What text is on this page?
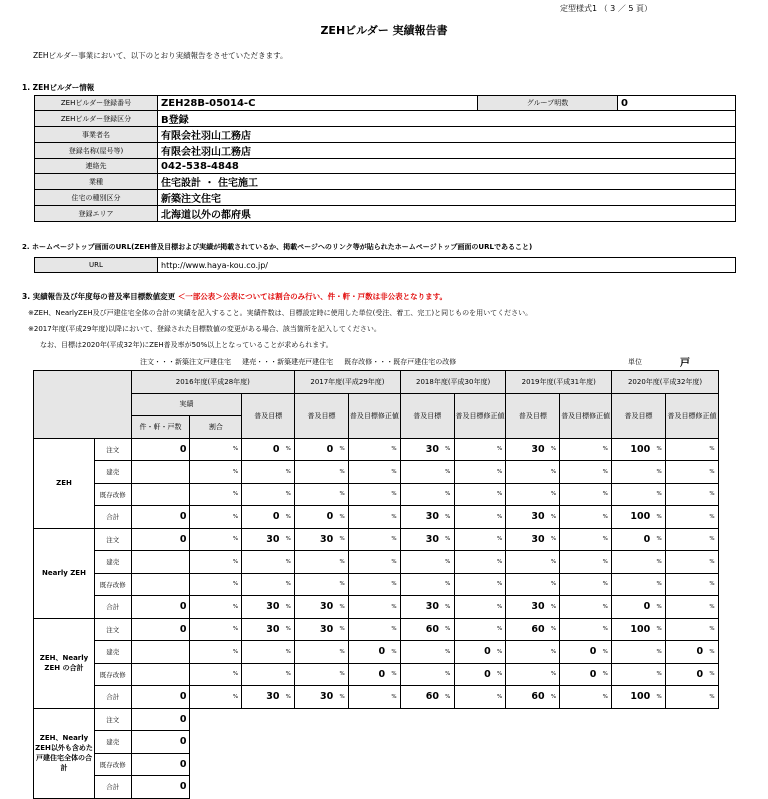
定型様式1 （ 3 ／ 5 頁）
ZEHビルダー 実績報告書
ZEHビルダー事業において、以下のとおり実績報告をさせていただきます。
1. ZEHビルダー情報
ZEHビルダー登録番号	ZEH28B-05014-C	グループ明数	0
ZEHビルダー登録区分	B登録		
事業者名	有限会社羽山工務店		
登録名称(屋号等)	有限会社羽山工務店		
連絡先	042-538-4848		
業種	住宅設計 ・ 住宅施工		
住宅の種別区分	新築注文住宅		
登録エリア	北海道以外の都府県		
2. ホームページトップ画面のURL(ZEH普及目標および実績が掲載されているか、掲載ページへのリンク等が貼られたホームページトップ画面のURLであること)
URL	http://www.haya-kou.co.jp/
3. 実績報告及び年度毎の普及率目標数値変更 ＜一部公表＞公表については割合のみ行い、件・軒・戸数は非公表となります。
※ZEH、NearlyZEH及び戸建住宅全体の合計の実績を記入すること。実績件数は、目標設定時に使用した単位(受注、着工、完工)と同じものを用いてください。
※2017年度(平成29年度)以降において、登録された目標数値の変更がある場合、該当箇所を記入してください。
なお、目標は2020年(平成32年)にZEH普及率が50%以上となっていることが求められます。
注文・・・新築注文戸建住宅     建売・・・新築建売戸建住宅     既存改修・・・既存戸建住宅の改修	単位	戸
		2016年度(平成28年度)					2017年度(平成29年度)				2018年度(平成30年度)				2019年度(平成31年度)				2020年度(平成32年度)			
		実績			普及目標		普及目標		普及目標修正値		普及目標		普及目標修正値		普及目標		普及目標修正値		普及目標		普及目標修正値	
		件・軒・戸数	割合																			
ZEH	注文	0		%	0	%	0	%		%	30	%		%	30	%		%	100	%		%
	建売			%		%		%		%		%		%		%		%		%		%
	既存改修			%		%		%		%		%		%		%		%		%		%
	合計	0		%	0	%	0	%		%	30	%		%	30	%		%	100	%		%
Nearly ZEH	注文	0		%	30	%	30	%		%	30	%		%	30	%		%	0	%		%
	建売			%		%		%		%		%		%		%		%		%		%
	既存改修			%		%		%		%		%		%		%		%		%		%
	合計	0		%	30	%	30	%		%	30	%		%	30	%		%	0	%		%
ZEH、Nearly ZEH の合計	注文	0		%	30	%	30	%		%	60	%		%	60	%		%	100	%		%
	建売			%		%		%	0	%		%	0	%		%	0	%		%	0	%
	既存改修			%		%		%	0	%		%	0	%		%	0	%		%	0	%
	合計	0		%	30	%	30	%		%	60	%		%	60	%		%	100	%		%
ZEH、Nearly ZEH以外も含めた戸建住宅全体の合計	注文	0																				
	建売	0																				
	既存改修	0																				
	合計	0																				
